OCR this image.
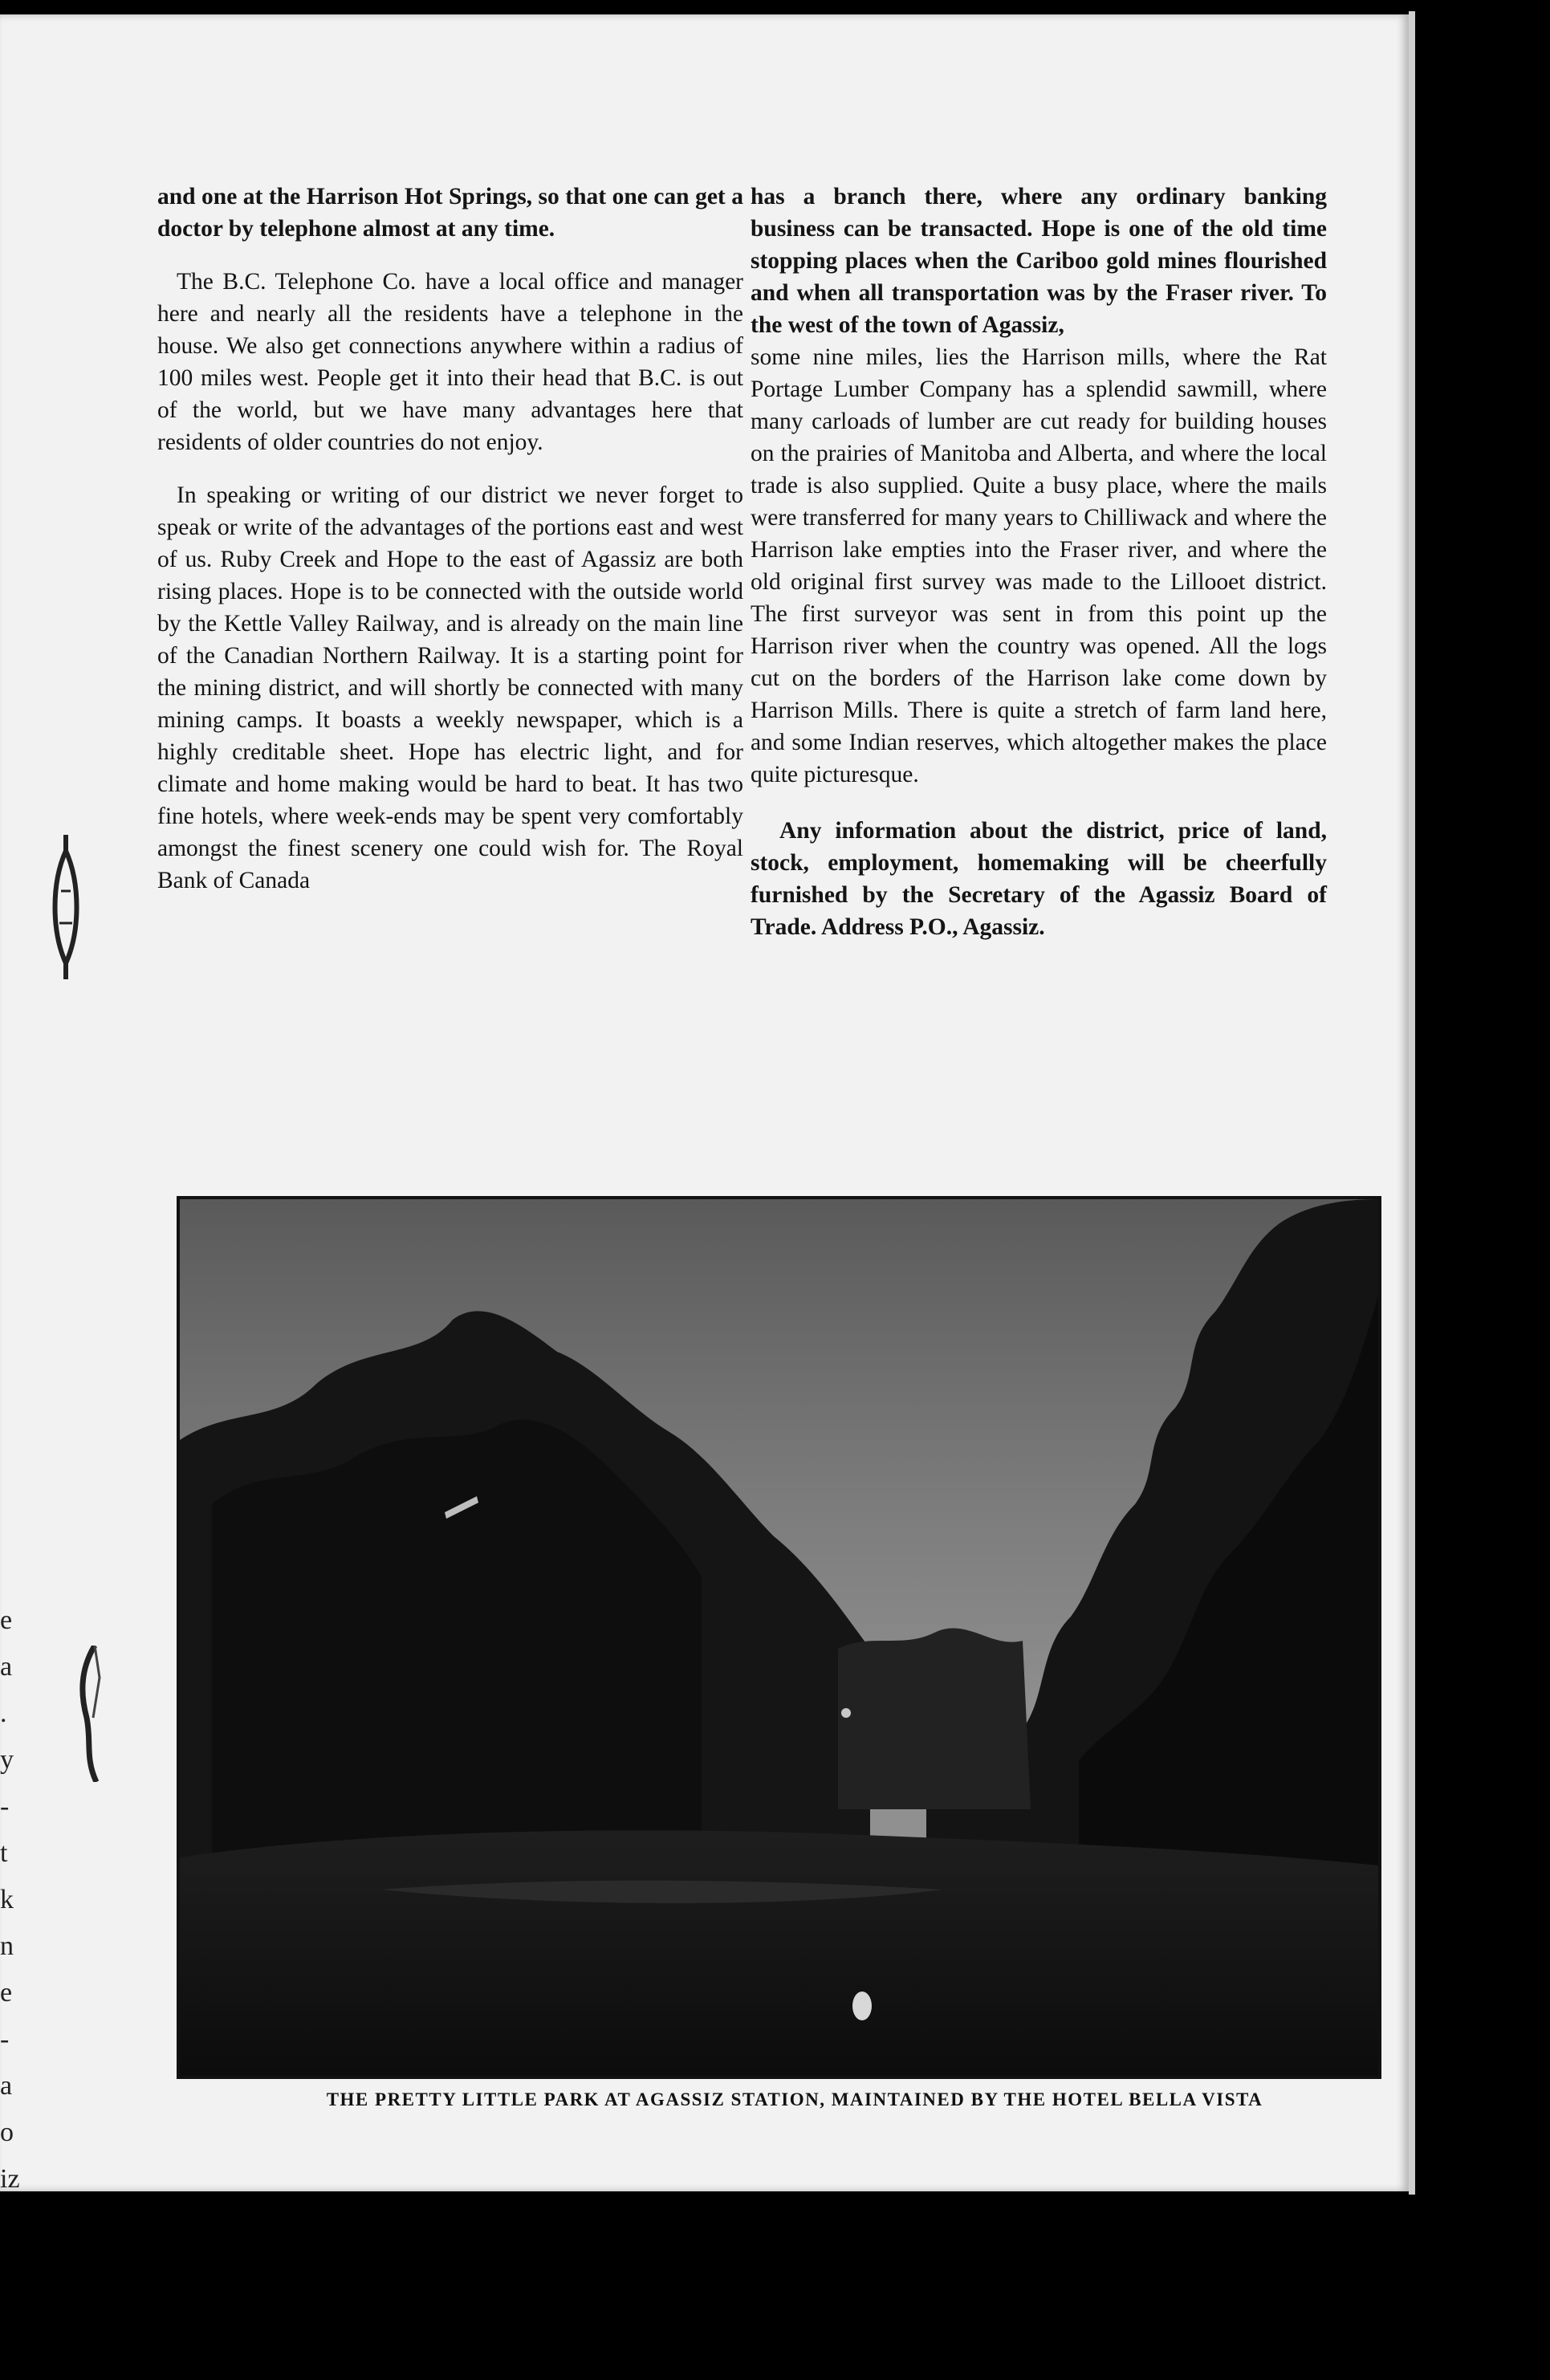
e
a
.
y
-
t
k
n
e
-
a
o
iz

and one at the Harrison Hot Springs, so that one can get a doctor by telephone almost at any time.

The B.C. Telephone Co. have a local office and manager here and nearly all the residents have a telephone in the house. We also get connections anywhere within a radius of 100 miles west. People get it into their head that B.C. is out of the world, but we have many advantages here that residents of older countries do not enjoy.

In speaking or writing of our district we never forget to speak or write of the advantages of the portions east and west of us. Ruby Creek and Hope to the east of Agassiz are both rising places. Hope is to be connected with the outside world by the Kettle Valley Railway, and is already on the main line of the Canadian Northern Railway. It is a starting point for the mining district, and will shortly be connected with many mining camps. It boasts a weekly newspaper, which is a highly creditable sheet. Hope has electric light, and for climate and home making would be hard to beat. It has two fine hotels, where week-ends may be spent very comfortably amongst the finest scenery one could wish for. The Royal Bank of Canada

has a branch there, where any ordinary banking business can be transacted. Hope is one of the old time stopping places when the Cariboo gold mines flourished and when all transportation was by the Fraser river. To the west of the town of Agassiz,

some nine miles, lies the Harrison mills, where the Rat Portage Lumber Company has a splendid sawmill, where many carloads of lumber are cut ready for building houses on the prairies of Manitoba and Alberta, and where the local trade is also supplied. Quite a busy place, where the mails were transferred for many years to Chilliwack and where the Harrison lake empties into the Fraser river, and where the old original first survey was made to the Lillooet district. The first surveyor was sent in from this point up the Harrison river when the country was opened. All the logs cut on the borders of the Harrison lake come down by Harrison Mills. There is quite a stretch of farm land here, and some Indian reserves, which altogether makes the place quite picturesque.

Any information about the district, price of land, stock, employment, homemaking will be cheerfully furnished by the Secretary of the Agassiz Board of Trade. Address P.O., Agassiz.

THE PRETTY LITTLE PARK AT AGASSIZ STATION, MAINTAINED BY THE HOTEL BELLA VISTA
